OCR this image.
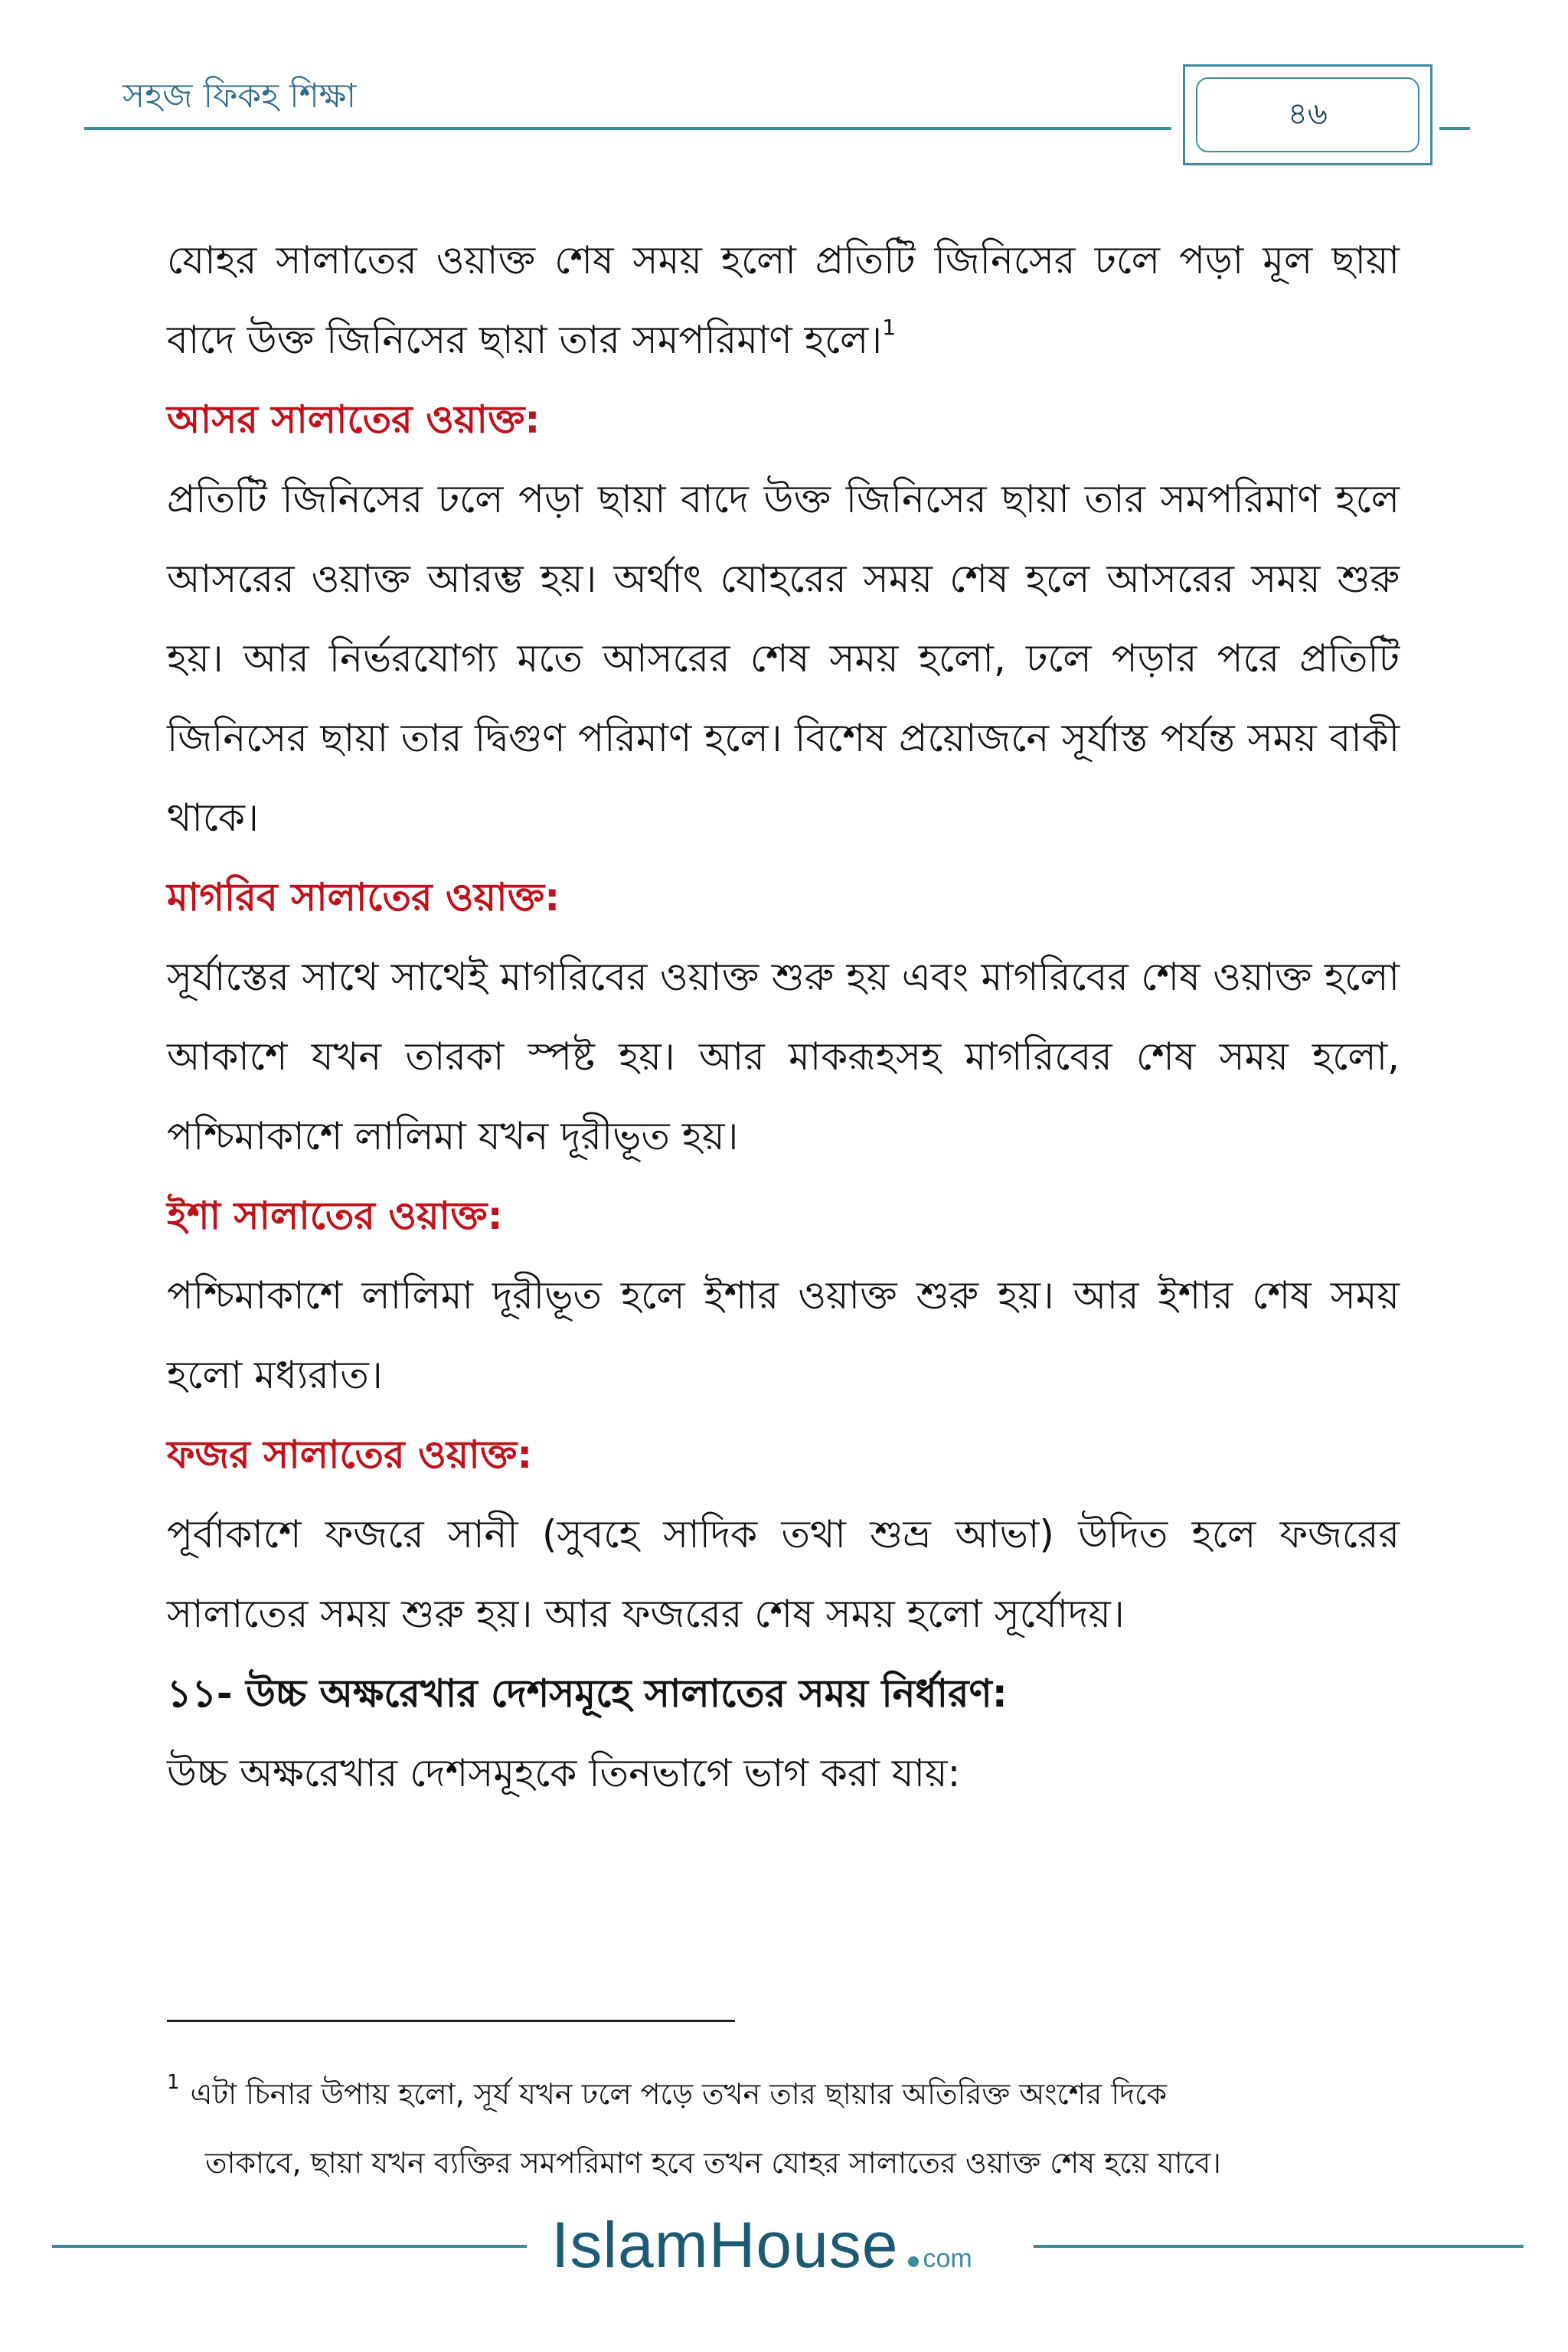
সহজ ফিকহ শিক্ষা	৪৬

যোহর সালাতের ওয়াক্ত শেষ সময় হলো প্রতিটি জিনিসের ঢলে পড়া মূল ছায়া বাদে উক্ত জিনিসের ছায়া তার সমপরিমাণ হলে।$^1$

আসর সালাতের ওয়াক্ত:

প্রতিটি জিনিসের ঢলে পড়া ছায়া বাদে উক্ত জিনিসের ছায়া তার সমপরিমাণ হলে আসরের ওয়াক্ত আরম্ভ হয়। অর্থাৎ যোহরের সময় শেষ হলে আসরের সময় শুরু হয়। আর নির্ভরযোগ্য মতে আসরের শেষ সময় হলো, ঢলে পড়ার পরে প্রতিটি জিনিসের ছায়া তার দ্বিগুণ পরিমাণ হলে। বিশেষ প্রয়োজনে সূর্যাস্ত পর্যন্ত সময় বাকী থাকে।

মাগরিব সালাতের ওয়াক্ত:

সূর্যাস্তের সাথে সাথেই মাগরিবের ওয়াক্ত শুরু হয় এবং মাগরিবের শেষ ওয়াক্ত হলো আকাশে যখন তারকা স্পষ্ট হয়। আর মাকরূহসহ মাগরিবের শেষ সময় হলো, পশ্চিমাকাশে লালিমা যখন দূরীভূত হয়।

ইশা সালাতের ওয়াক্ত:

পশ্চিমাকাশে লালিমা দূরীভূত হলে ইশার ওয়াক্ত শুরু হয়। আর ইশার শেষ সময় হলো মধ্যরাত।

ফজর সালাতের ওয়াক্ত:

পূর্বাকাশে ফজরে সানী (সুবহে সাদিক তথা শুভ্র আভা) উদিত হলে ফজরের সালাতের সময় শুরু হয়। আর ফজরের শেষ সময় হলো সূর্যোদয়।

১১- উচ্চ অক্ষরেখার দেশসমূহে সালাতের সময় নির্ধারণ:

উচ্চ অক্ষরেখার দেশসমূহকে তিনভাগে ভাগ করা যায়:

$^1$ এটা চিনার উপায় হলো, সূর্য যখন ঢলে পড়ে তখন তার ছায়ার অতিরিক্ত অংশের দিকে
তাকাবে, ছায়া যখন ব্যক্তির সমপরিমাণ হবে তখন যোহর সালাতের ওয়াক্ত শেষ হয়ে যাবে।
IslamHouse com
